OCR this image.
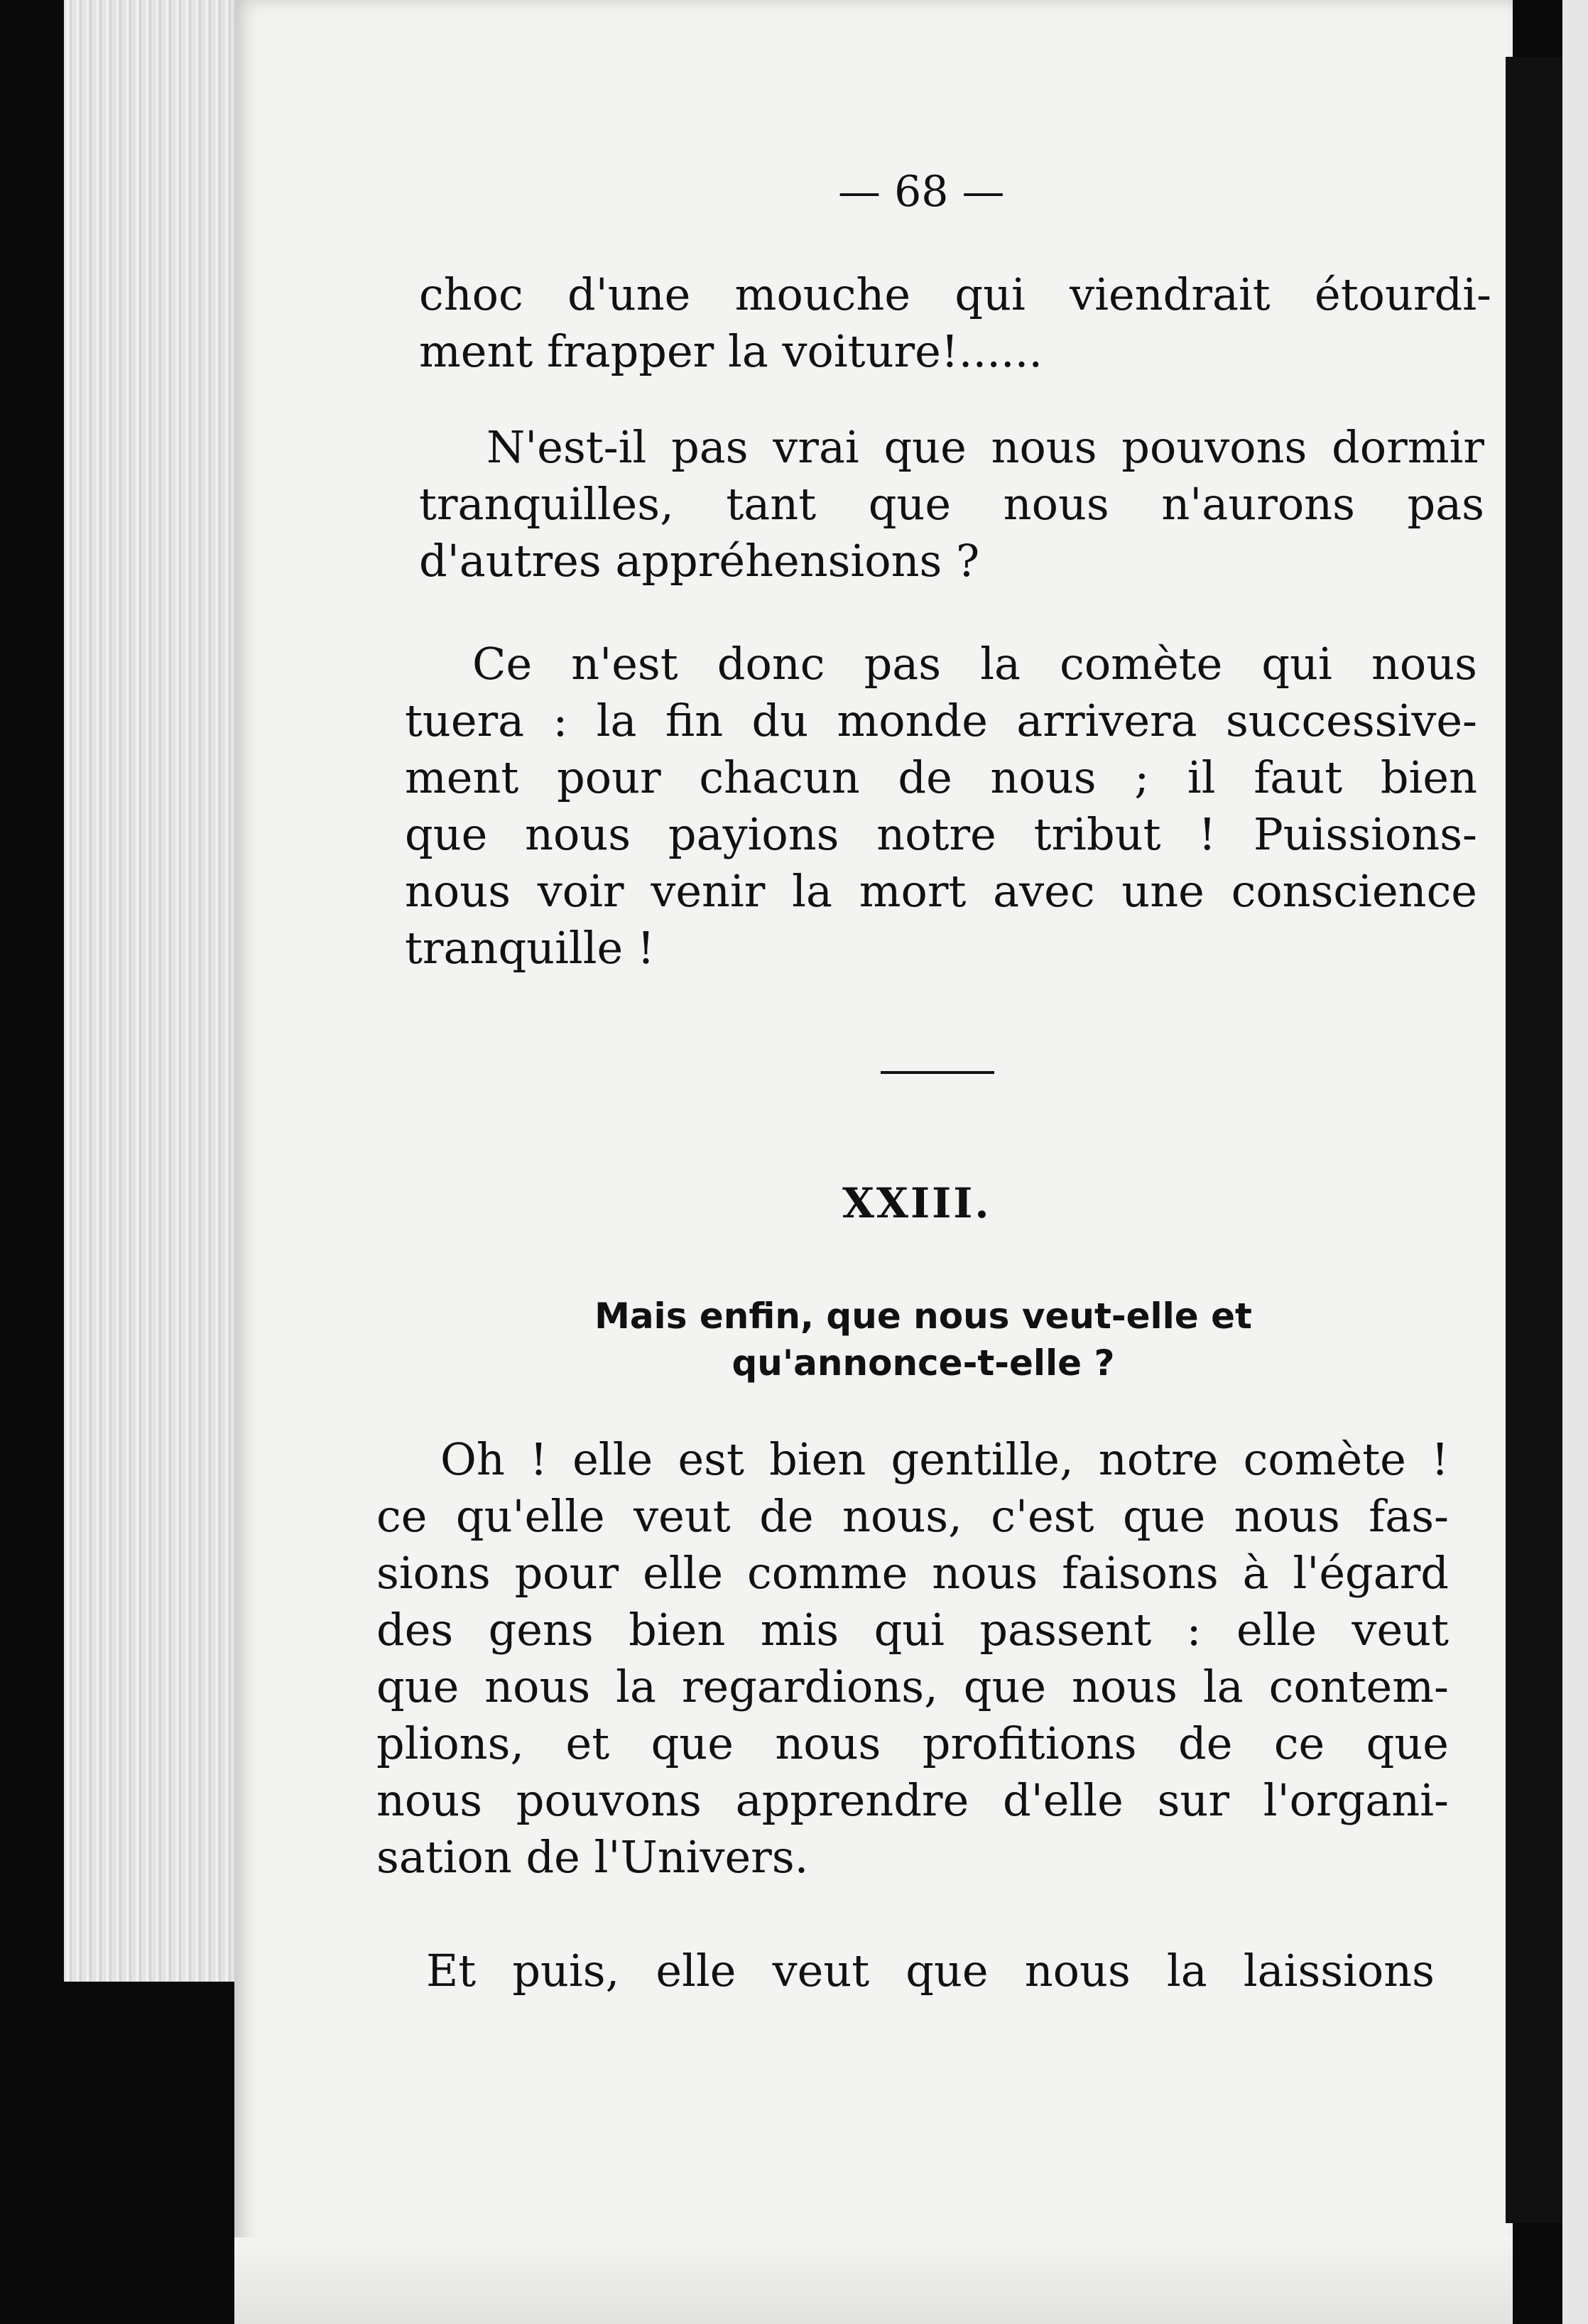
— 68 —
choc d'une mouche qui viendrait étourdi-
ment frapper la voiture!......
N'est-il pas vrai que nous pouvons dormir
tranquilles, tant que nous n'aurons pas
d'autres appréhensions ?
Ce n'est donc pas la comète qui nous
tuera : la fin du monde arrivera successive-
ment pour chacun de nous ; il faut bien
que nous payions notre tribut ! Puissions-
nous voir venir la mort avec une conscience
tranquille !
XXIII.
Mais enfin, que nous veut-elle et
qu'annonce-t-elle ?
Oh ! elle est bien gentille, notre comète !
ce qu'elle veut de nous, c'est que nous fas-
sions pour elle comme nous faisons à l'égard
des gens bien mis qui passent : elle veut
que nous la regardions, que nous la contem-
plions, et que nous profitions de ce que
nous pouvons apprendre d'elle sur l'organi-
sation de l'Univers.
Et puis, elle veut que nous la laissions
